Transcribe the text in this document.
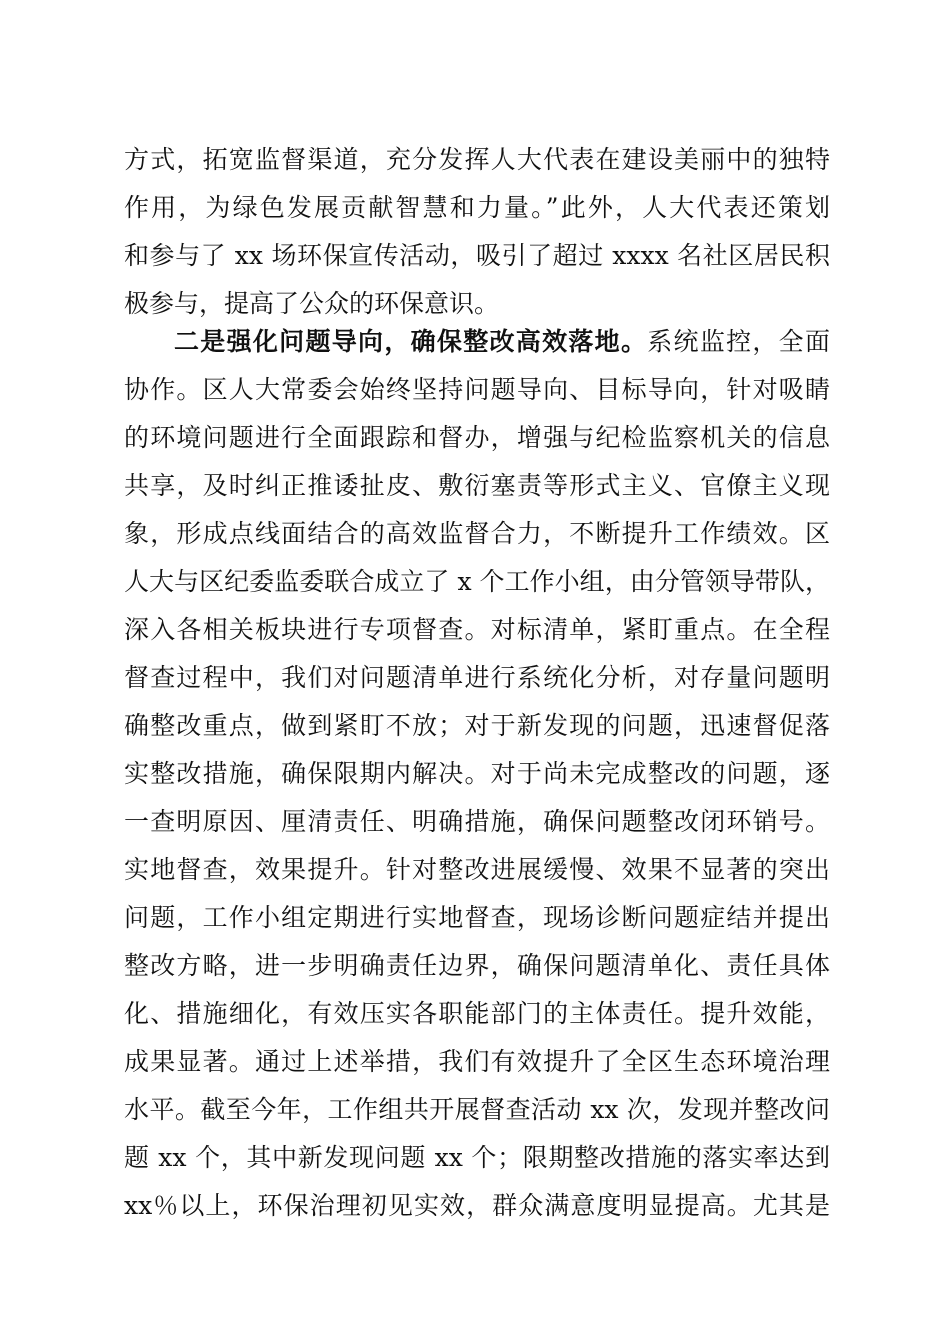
方式，拓宽监督渠道，充分发挥人大代表在建设美丽中的独特
作用，为绿色发展贡献智慧和力量。”此外，人大代表还策划
和参与了 xx 场环保宣传活动，吸引了超过 xxxx 名社区居民积
极参与，提高了公众的环保意识。
二是强化问题导向，确保整改高效落地。系统监控，全面
协作。区人大常委会始终坚持问题导向、目标导向，针对吸睛
的环境问题进行全面跟踪和督办，增强与纪检监察机关的信息
共享，及时纠正推诿扯皮、敷衍塞责等形式主义、官僚主义现
象，形成点线面结合的高效监督合力，不断提升工作绩效。区
人大与区纪委监委联合成立了 x 个工作小组，由分管领导带队，
深入各相关板块进行专项督查。对标清单，紧盯重点。在全程
督查过程中，我们对问题清单进行系统化分析，对存量问题明
确整改重点，做到紧盯不放；对于新发现的问题，迅速督促落
实整改措施，确保限期内解决。对于尚未完成整改的问题，逐
一查明原因、厘清责任、明确措施，确保问题整改闭环销号。
实地督查，效果提升。针对整改进展缓慢、效果不显著的突出
问题，工作小组定期进行实地督查，现场诊断问题症结并提出
整改方略，进一步明确责任边界，确保问题清单化、责任具体
化、措施细化，有效压实各职能部门的主体责任。提升效能，
成果显著。通过上述举措，我们有效提升了全区生态环境治理
水平。截至今年，工作组共开展督查活动 xx 次，发现并整改问
题 xx 个，其中新发现问题 xx 个；限期整改措施的落实率达到
xx％以上，环保治理初见实效，群众满意度明显提高。尤其是
